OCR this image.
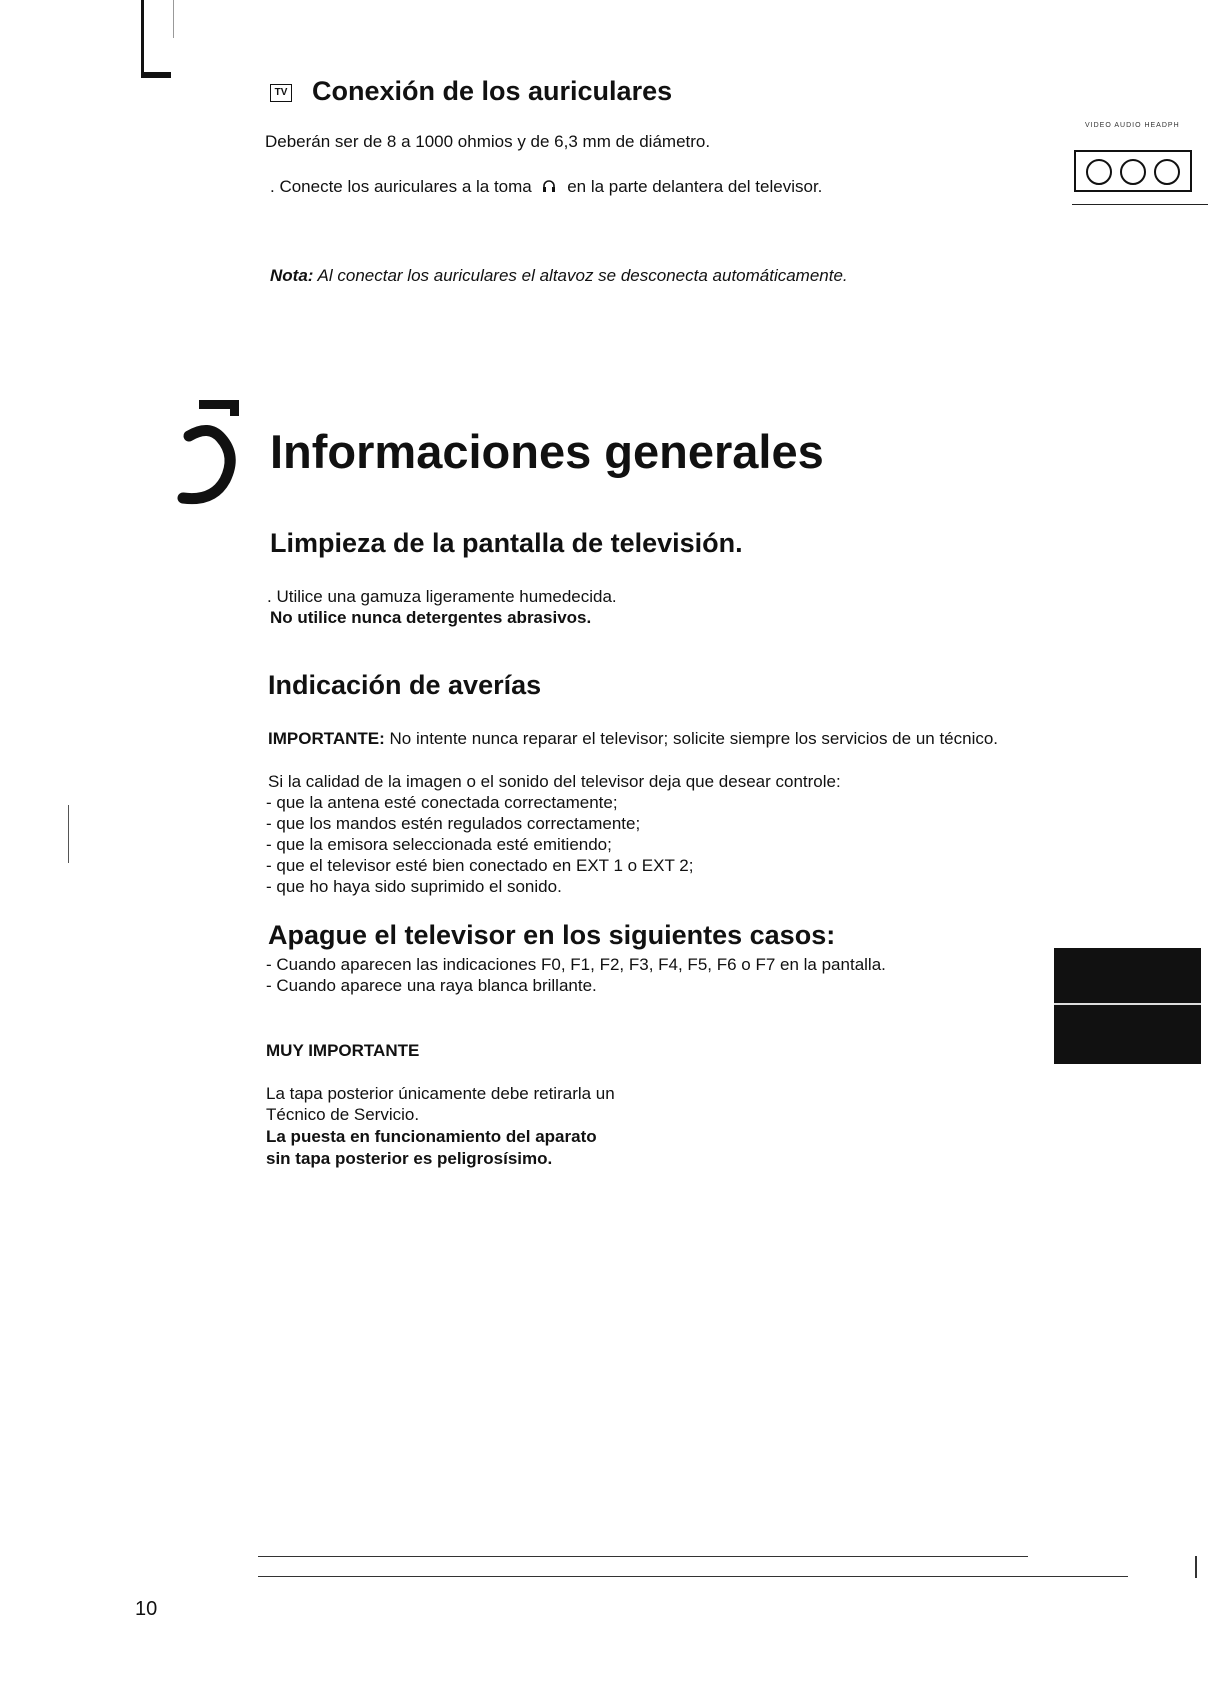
TV Conexión de los auriculares
Deberán ser de 8 a 1000 ohmios y de 6,3 mm de diámetro.
. Conecte los auriculares a la toma en la parte delantera del televisor.
Nota: Al conectar los auriculares el altavoz se desconecta automáticamente.
VIDEO AUDIO HEADPH
5
Informaciones generales
Limpieza de la pantalla de televisión.
. Utilice una gamuza ligeramente humedecida.
No utilice nunca detergentes abrasivos.
Indicación de averías
IMPORTANTE: No intente nunca reparar el televisor; solicite siempre los servicios de un técnico.
Si la calidad de la imagen o el sonido del televisor deja que desear controle:
- que la antena esté conectada correctamente;
- que los mandos estén regulados correctamente;
- que la emisora seleccionada esté emitiendo;
- que el televisor esté bien conectado en EXT 1 o EXT 2;
- que ho haya sido suprimido el sonido.
Apague el televisor en los siguientes casos:
- Cuando aparecen las indicaciones F0, F1, F2, F3, F4, F5, F6 o F7 en la pantalla.
- Cuando aparece una raya blanca brillante.
MUY IMPORTANTE
La tapa posterior únicamente debe retirarla un
Técnico de Servicio.
La puesta en funcionamiento del aparato
sin tapa posterior es peligrosísimo.
10
